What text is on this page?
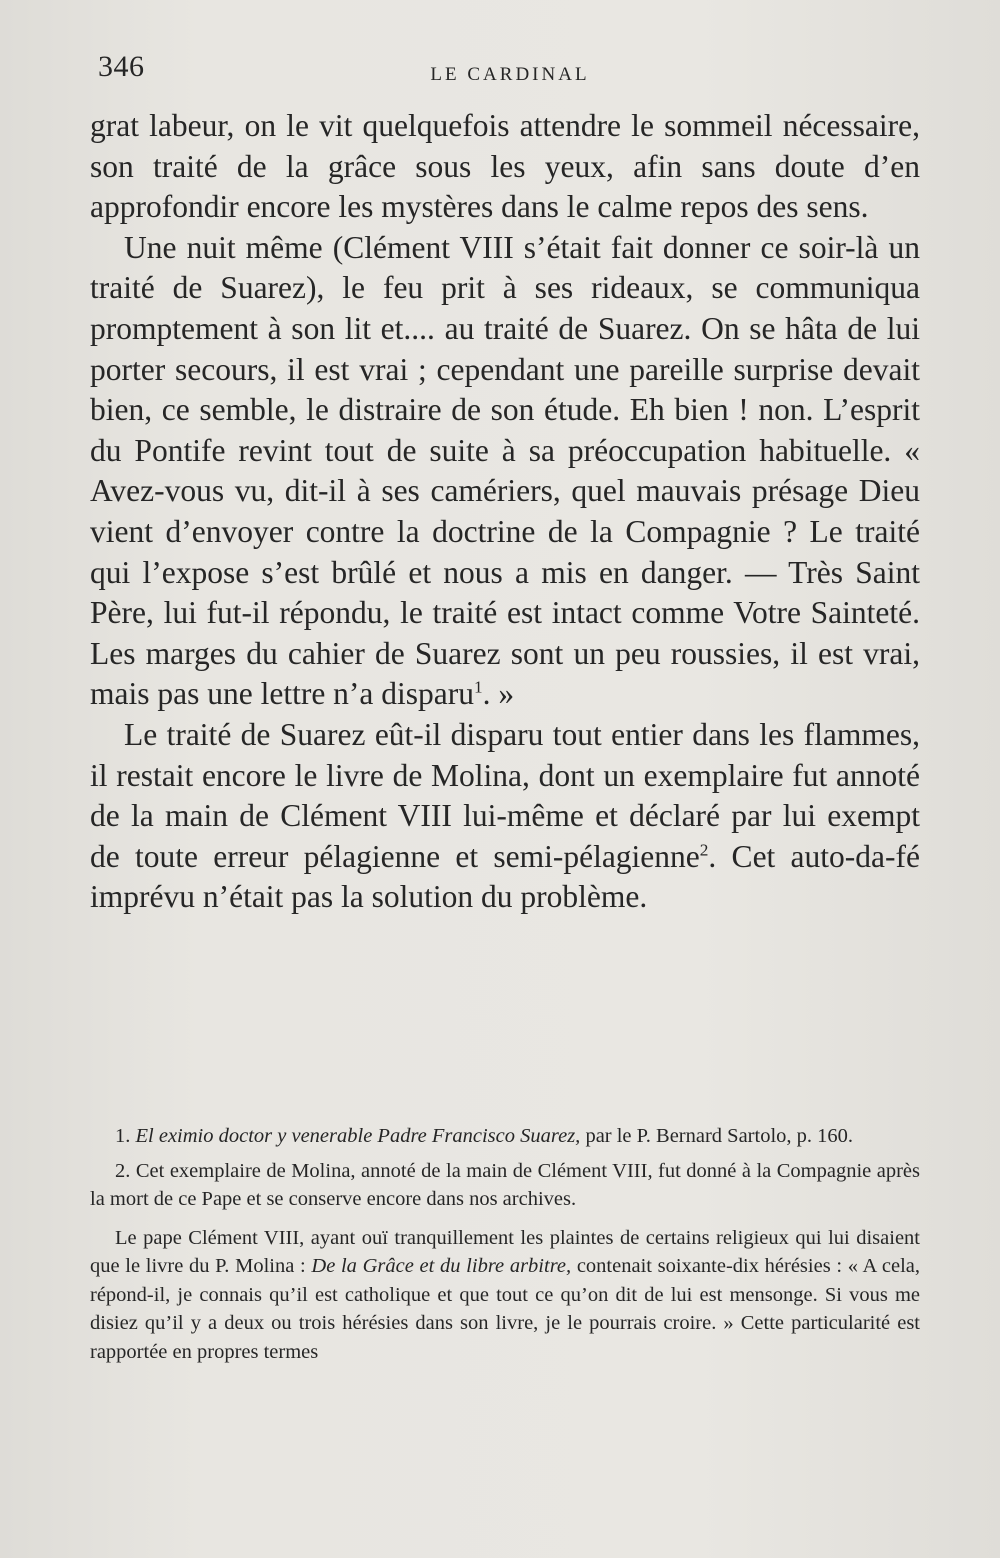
346	LE CARDINAL

grat labeur, on le vit quelquefois attendre le sommeil nécessaire, son traité de la grâce sous les yeux, afin sans doute d’en approfondir encore les mystères dans le calme repos des sens.

Une nuit même (Clément VIII s’était fait donner ce soir-là un traité de Suarez), le feu prit à ses rideaux, se communiqua promptement à son lit et.... au traité de Suarez. On se hâta de lui porter secours, il est vrai ; cependant une pareille surprise devait bien, ce semble, le distraire de son étude. Eh bien ! non. L’esprit du Pontife revint tout de suite à sa préoccupation habituelle. « Avez-vous vu, dit-il à ses camériers, quel mauvais présage Dieu vient d’envoyer contre la doctrine de la Compagnie ? Le traité qui l’expose s’est brûlé et nous a mis en danger. — Très Saint Père, lui fut-il répondu, le traité est intact comme Votre Sainteté. Les marges du cahier de Suarez sont un peu roussies, il est vrai, mais pas une lettre n’a disparu$^1$. »

Le traité de Suarez eût-il disparu tout entier dans les flammes, il restait encore le livre de Molina, dont un exemplaire fut annoté de la main de Clément VIII lui-même et déclaré par lui exempt de toute erreur pélagienne et semi-pélagienne$^2$. Cet auto-da-fé imprévu n’était pas la solution du problème.

1. El eximio doctor y venerable Padre Francisco Suarez, par le P. Bernard Sartolo, p. 160.

2. Cet exemplaire de Molina, annoté de la main de Clément VIII, fut donné à la Compagnie après la mort de ce Pape et se conserve encore dans nos archives.

Le pape Clément VIII, ayant ouï tranquillement les plaintes de certains religieux qui lui disaient que le livre du P. Molina : De la Grâce et du libre arbitre, contenait soixante-dix hérésies : « A cela, répond-il, je connais qu’il est catholique et que tout ce qu’on dit de lui est mensonge. Si vous me disiez qu’il y a deux ou trois hérésies dans son livre, je le pourrais croire. » Cette particularité est rapportée en propres termes
